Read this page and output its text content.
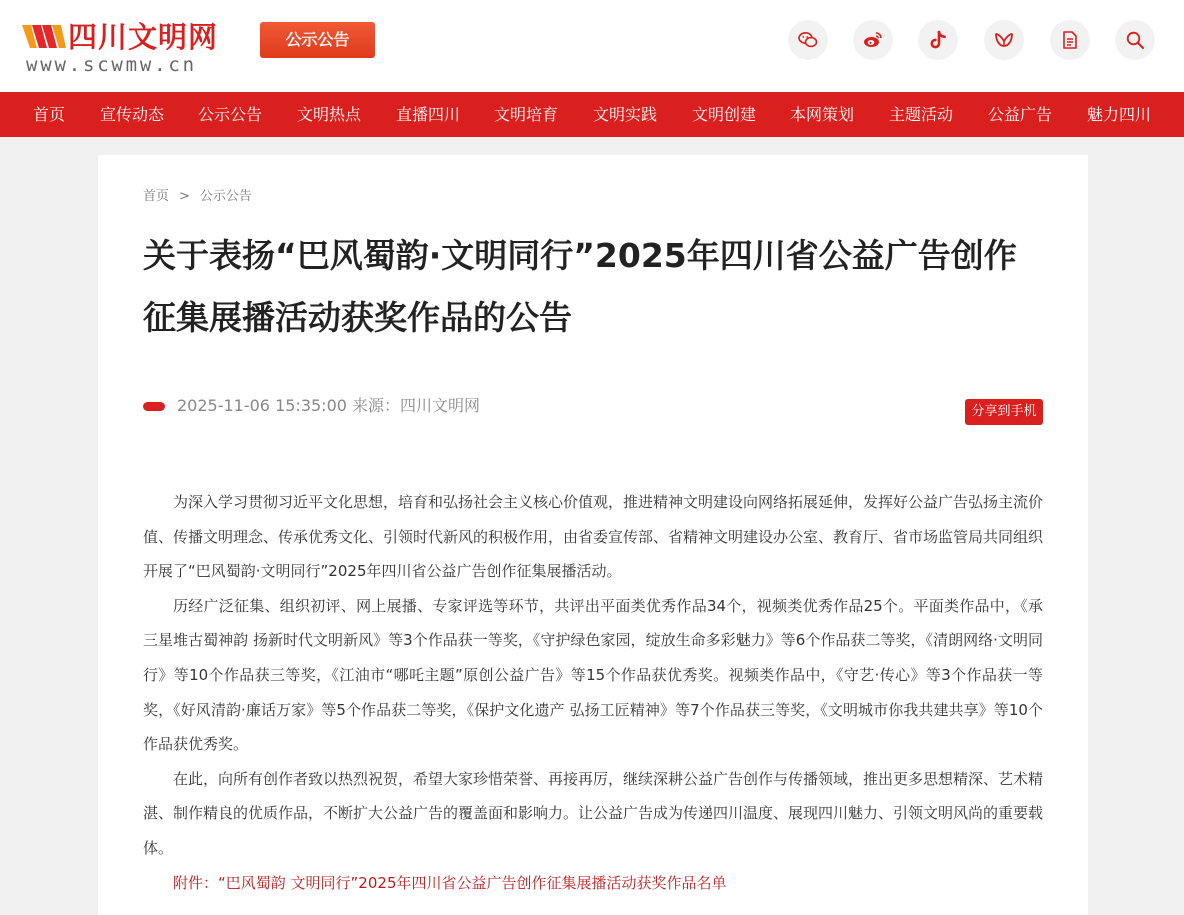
四川文明网
www.scwmw.cn
公示公告
首页 宣传动态 公示公告 文明热点 直播四川 文明培育 文明实践 文明创建 本网策划 主题活动 公益广告 魅力四川
首页 > 公示公告
关于表扬“巴风蜀韵·文明同行”2025年四川省公益广告创作征集展播活动获奖作品的公告
2025-11-06 15:35:00 来源：四川文明网	分享到手机

为深入学习贯彻习近平文化思想，培育和弘扬社会主义核心价值观，推进精神文明建设向网络拓展延伸，发挥好公益广告弘扬主流价值、传播文明理念、传承优秀文化、引领时代新风的积极作用，由省委宣传部、省精神文明建设办公室、教育厅、省市场监管局共同组织开展了“巴风蜀韵·文明同行”2025年四川省公益广告创作征集展播活动。

历经广泛征集、组织初评、网上展播、专家评选等环节，共评出平面类优秀作品34个，视频类优秀作品25个。平面类作品中，《承三星堆古蜀神韵 扬新时代文明新风》等3个作品获一等奖，《守护绿色家园，绽放生命多彩魅力》等6个作品获二等奖，《清朗网络·文明同行》等10个作品获三等奖，《江油市“哪吒主题”原创公益广告》等15个作品获优秀奖。视频类作品中，《守艺·传心》等3个作品获一等奖，《好风清韵·廉话万家》等5个作品获二等奖，《保护文化遗产 弘扬工匠精神》等7个作品获三等奖，《文明城市你我共建共享》等10个作品获优秀奖。

在此，向所有创作者致以热烈祝贺，希望大家珍惜荣誉、再接再厉，继续深耕公益广告创作与传播领域，推出更多思想精深、艺术精湛、制作精良的优质作品，不断扩大公益广告的覆盖面和影响力。让公益广告成为传递四川温度、展现四川魅力、引领文明风尚的重要载体。

附件：“巴风蜀韵 文明同行”2025年四川省公益广告创作征集展播活动获奖作品名单
